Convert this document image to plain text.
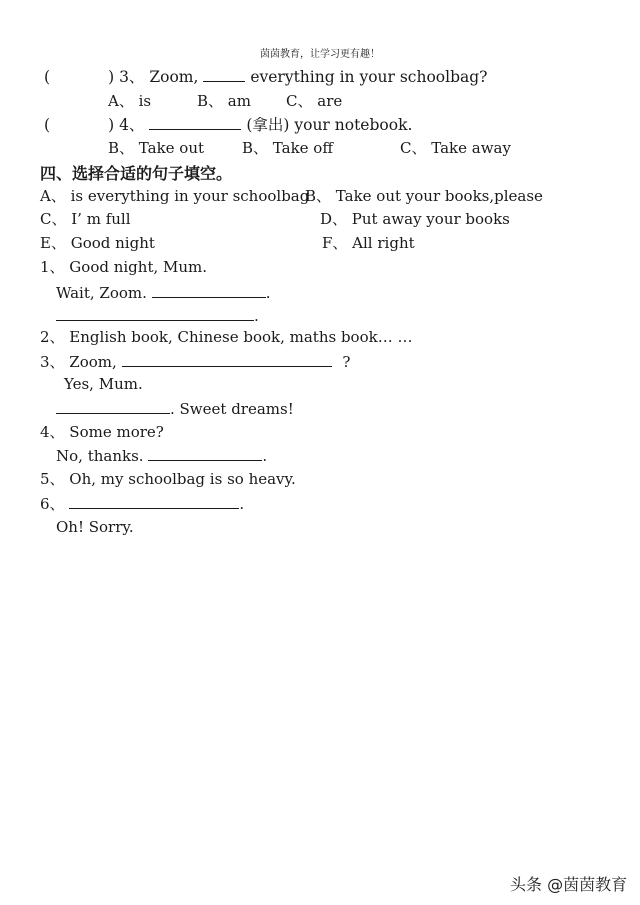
茵茵教育，让学习更有趣！
(	) 3、 Zoom,	everything in your schoolbag?
A、 is	B、 am C、 are
(	) 4、	(拿出) your notebook.
B、 Take out	B、 Take off	C、 Take away
四、选择合适的句子填空。
A、 is everything in your schoolbag
B、 Take out your books,please
C、 I’ m full	D、 Put away your books
E、 Good night	F、 All right
1、 Good night, Mum.
Wait, Zoom.	.
.
2、 English book, Chinese book, maths book… …
3、 Zoom,	?
Yes, Mum.
. Sweet dreams!
4、 Some more?
No, thanks.	.
5、 Oh, my schoolbag is so heavy.
6、	.
Oh! Sorry.
头条 @茵茵教育
